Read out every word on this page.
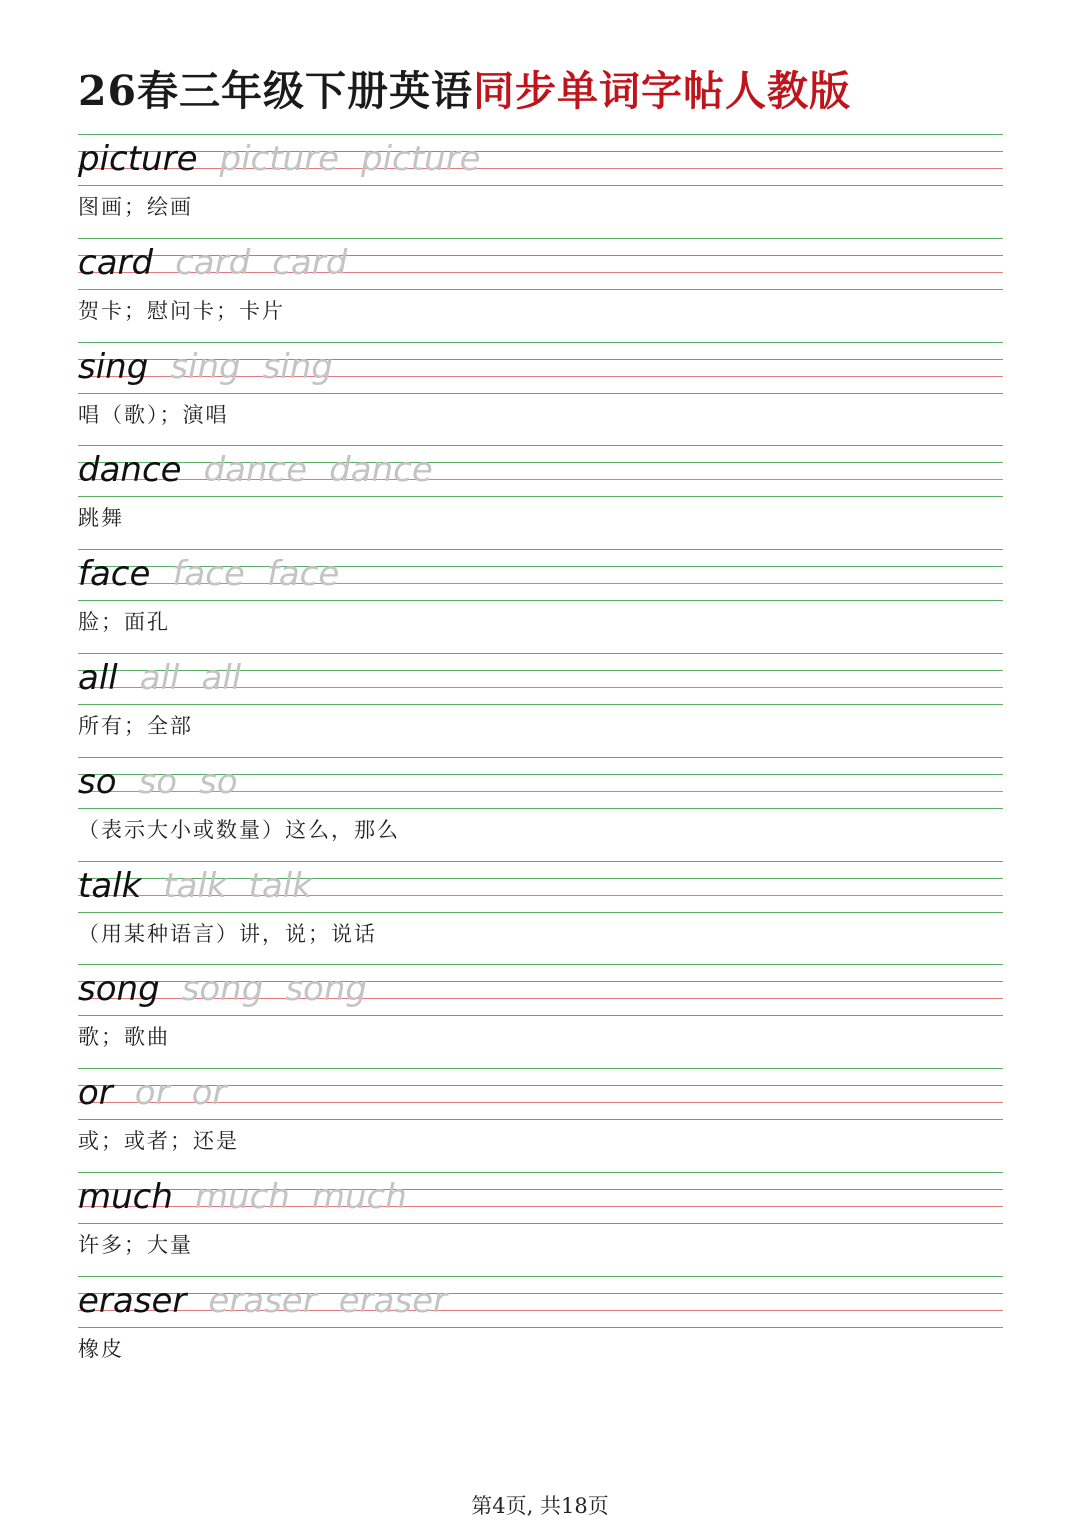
26春三年级下册英语同步单词字帖人教版
picture picture picture
图画；绘画
card card card
贺卡；慰问卡；卡片
sing sing sing
唱（歌）；演唱
dance dance dance
跳舞
face face face
脸；面孔
all all all
所有；全部
so so so
（表示大小或数量）这么，那么
talk talk talk
（用某种语言）讲，说；说话
song song song
歌；歌曲
or or or
或；或者；还是
much much much
许多；大量
eraser eraser eraser
橡皮
第4页, 共18页
